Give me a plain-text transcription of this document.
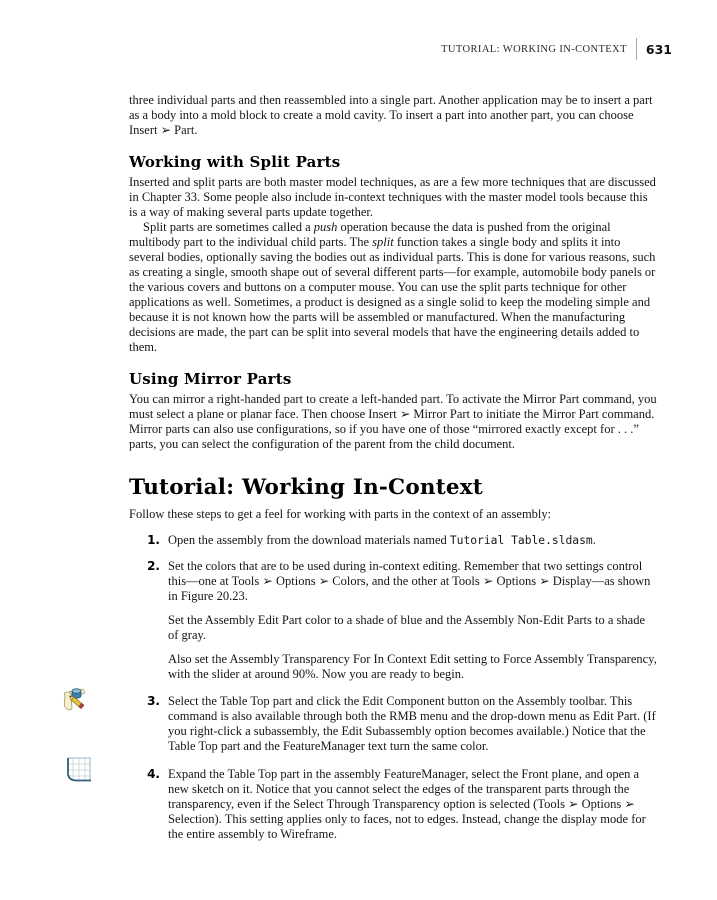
TUTORIAL: WORKING IN-CONTEXT 631

three individual parts and then reassembled into a single part. Another application may be to insert a part as a body into a mold block to create a mold cavity. To insert a part into another part, you can choose Insert ➢ Part.

Working with Split Parts

Inserted and split parts are both master model techniques, as are a few more techniques that are discussed in Chapter 33. Some people also include in-context techniques with the master model tools because this is a way of making several parts update together.

Split parts are sometimes called a push operation because the data is pushed from the original multibody part to the individual child parts. The split function takes a single body and splits it into several bodies, optionally saving the bodies out as individual parts. This is done for various reasons, such as creating a single, smooth shape out of several different parts—for example, automobile body panels or the various covers and buttons on a computer mouse. You can use the split parts technique for other applications as well. Sometimes, a product is designed as a single solid to keep the modeling simple and because it is not known how the parts will be assembled or manufactured. When the manufacturing decisions are made, the part can be split into several models that have the engineering details added to them.

Using Mirror Parts

You can mirror a right-handed part to create a left-handed part. To activate the Mirror Part command, you must select a plane or planar face. Then choose Insert ➢ Mirror Part to initiate the Mirror Part command. Mirror parts can also use configurations, so if you have one of those “mirrored exactly except for . . .” parts, you can select the configuration of the parent from the child document.

Tutorial: Working In-Context

Follow these steps to get a feel for working with parts in the context of an assembly:

1. Open the assembly from the download materials named Tutorial Table.sldasm.

2. Set the colors that are to be used during in-context editing. Remember that two settings control this—one at Tools ➢ Options ➢ Colors, and the other at Tools ➢ Options ➢ Display—as shown in Figure 20.23.

Set the Assembly Edit Part color to a shade of blue and the Assembly Non-Edit Parts to a shade of gray.

Also set the Assembly Transparency For In Context Edit setting to Force Assembly Transparency, with the slider at around 90%. Now you are ready to begin.

3. Select the Table Top part and click the Edit Component button on the Assembly toolbar. This command is also available through both the RMB menu and the drop-down menu as Edit Part. (If you right-click a subassembly, the Edit Subassembly option becomes available.) Notice that the Table Top part and the FeatureManager text turn the same color.

4. Expand the Table Top part in the assembly FeatureManager, select the Front plane, and open a new sketch on it. Notice that you cannot select the edges of the transparent parts through the transparency, even if the Select Through Transparency option is selected (Tools ➢ Options ➢ Selection). This setting applies only to faces, not to edges. Instead, change the display mode for the entire assembly to Wireframe.
